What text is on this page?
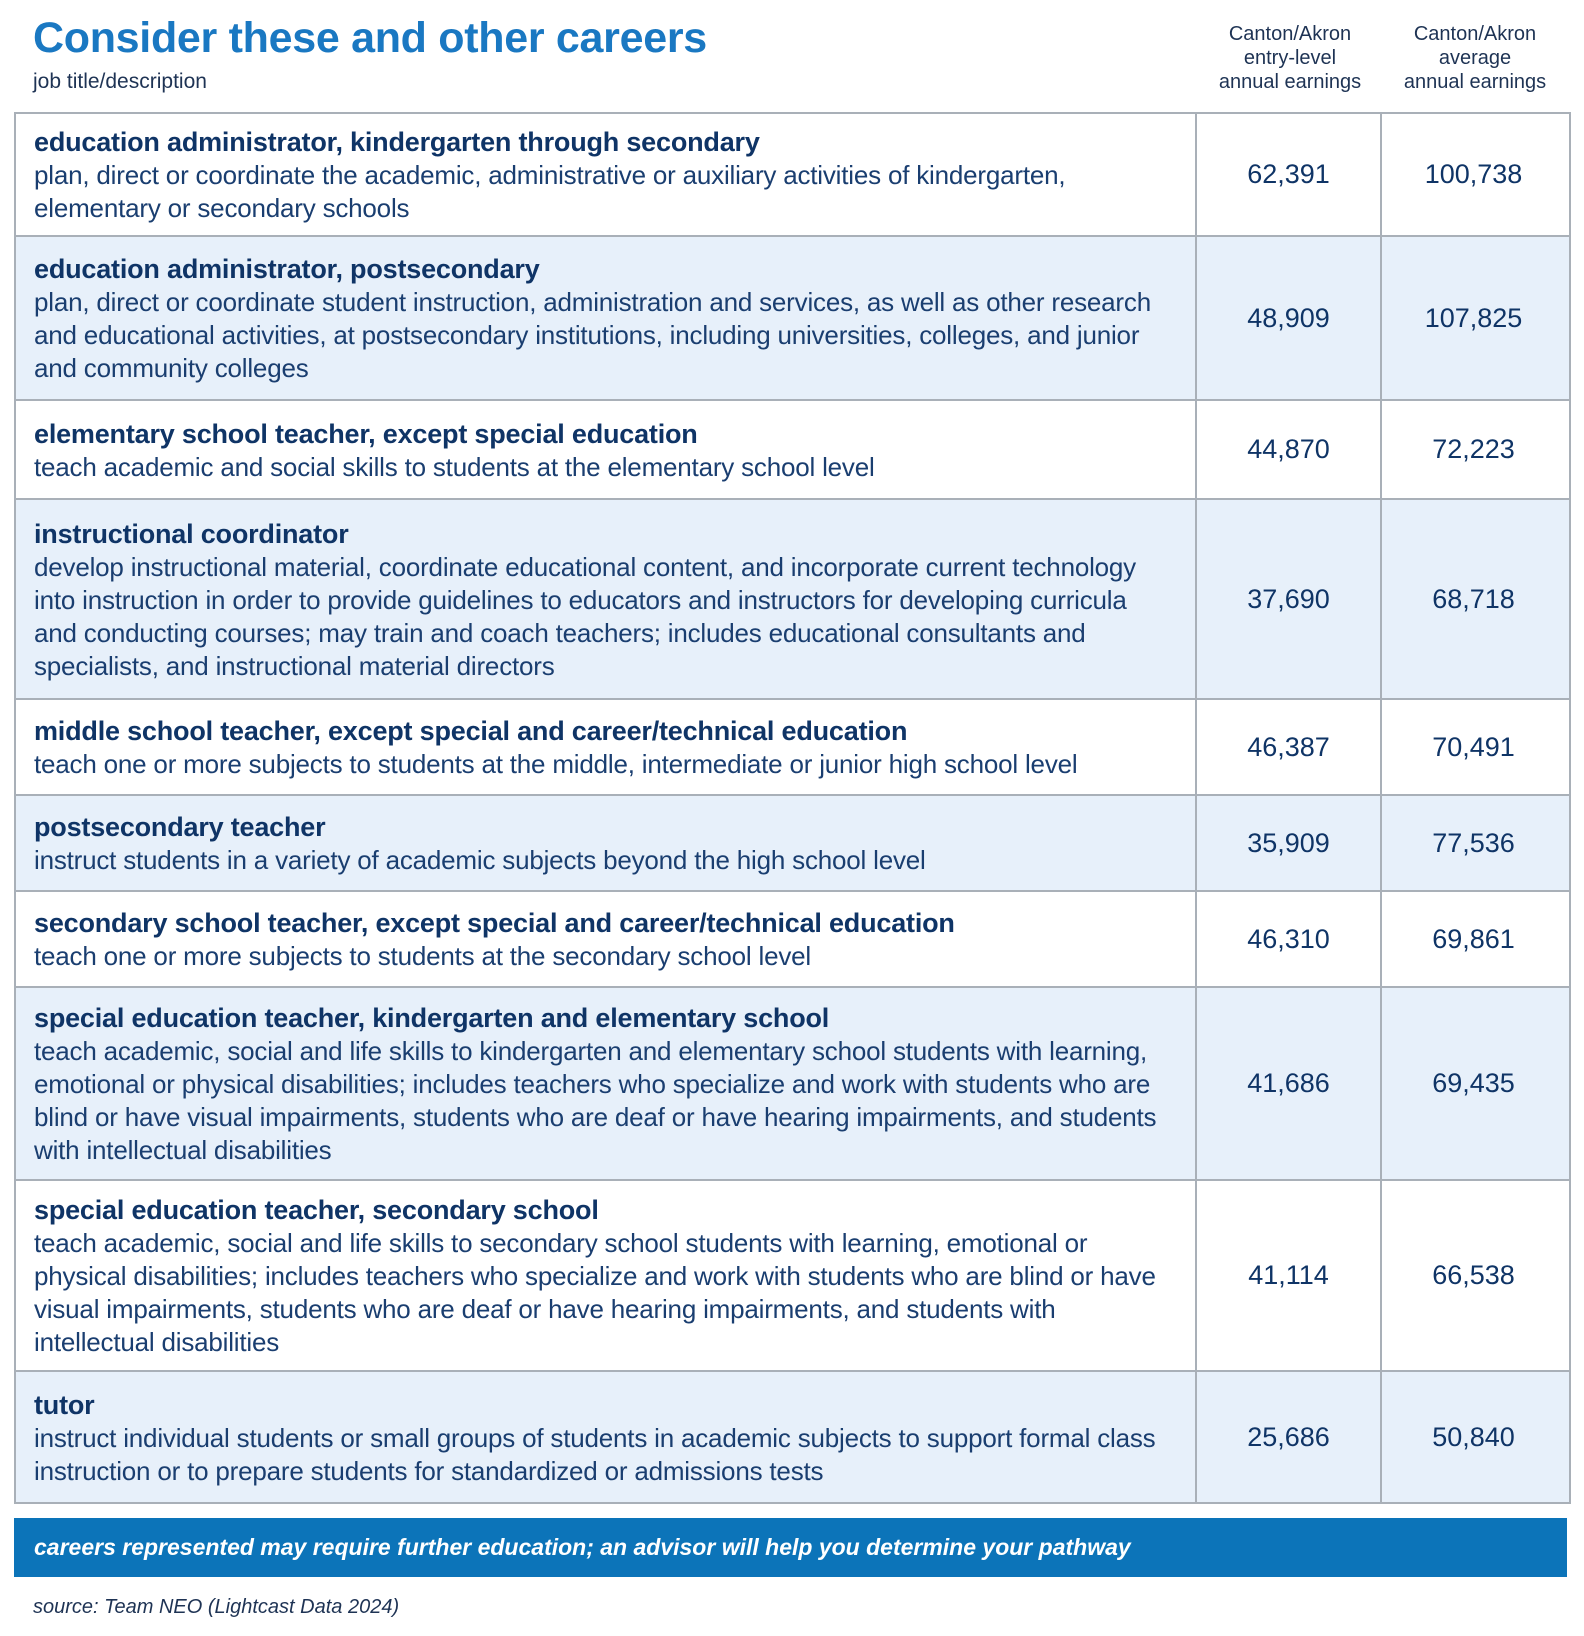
Consider these and other careers
job title/description
Canton/Akron
entry-level
annual earnings
Canton/Akron
average
annual earnings
education administrator, kindergarten through secondary
plan, direct or coordinate the academic, administrative or auxiliary activities of kindergarten, elementary or secondary schools
62,391	100,738
education administrator, postsecondary
plan, direct or coordinate student instruction, administration and services, as well as other research and educational activities, at postsecondary institutions, including universities, colleges, and junior and community colleges
48,909	107,825
elementary school teacher, except special education
teach academic and social skills to students at the elementary school level
44,870	72,223
instructional coordinator
develop instructional material, coordinate educational content, and incorporate current technology into instruction in order to provide guidelines to educators and instructors for developing curricula and conducting courses; may train and coach teachers; includes educational consultants and specialists, and instructional material directors
37,690	68,718
middle school teacher, except special and career/technical education
teach one or more subjects to students at the middle, intermediate or junior high school level
46,387	70,491
postsecondary teacher
instruct students in a variety of academic subjects beyond the high school level
35,909	77,536
secondary school teacher, except special and career/technical education
teach one or more subjects to students at the secondary school level
46,310	69,861
special education teacher, kindergarten and elementary school
teach academic, social and life skills to kindergarten and elementary school students with learning, emotional or physical disabilities; includes teachers who specialize and work with students who are blind or have visual impairments, students who are deaf or have hearing impairments, and students with intellectual disabilities
41,686	69,435
special education teacher, secondary school
teach academic, social and life skills to secondary school students with learning, emotional or physical disabilities; includes teachers who specialize and work with students who are blind or have visual impairments, students who are deaf or have hearing impairments, and students with intellectual disabilities
41,114	66,538
tutor
instruct individual students or small groups of students in academic subjects to support formal class instruction or to prepare students for standardized or admissions tests
25,686	50,840
careers represented may require further education; an advisor will help you determine your pathway
source: Team NEO (Lightcast Data 2024)
